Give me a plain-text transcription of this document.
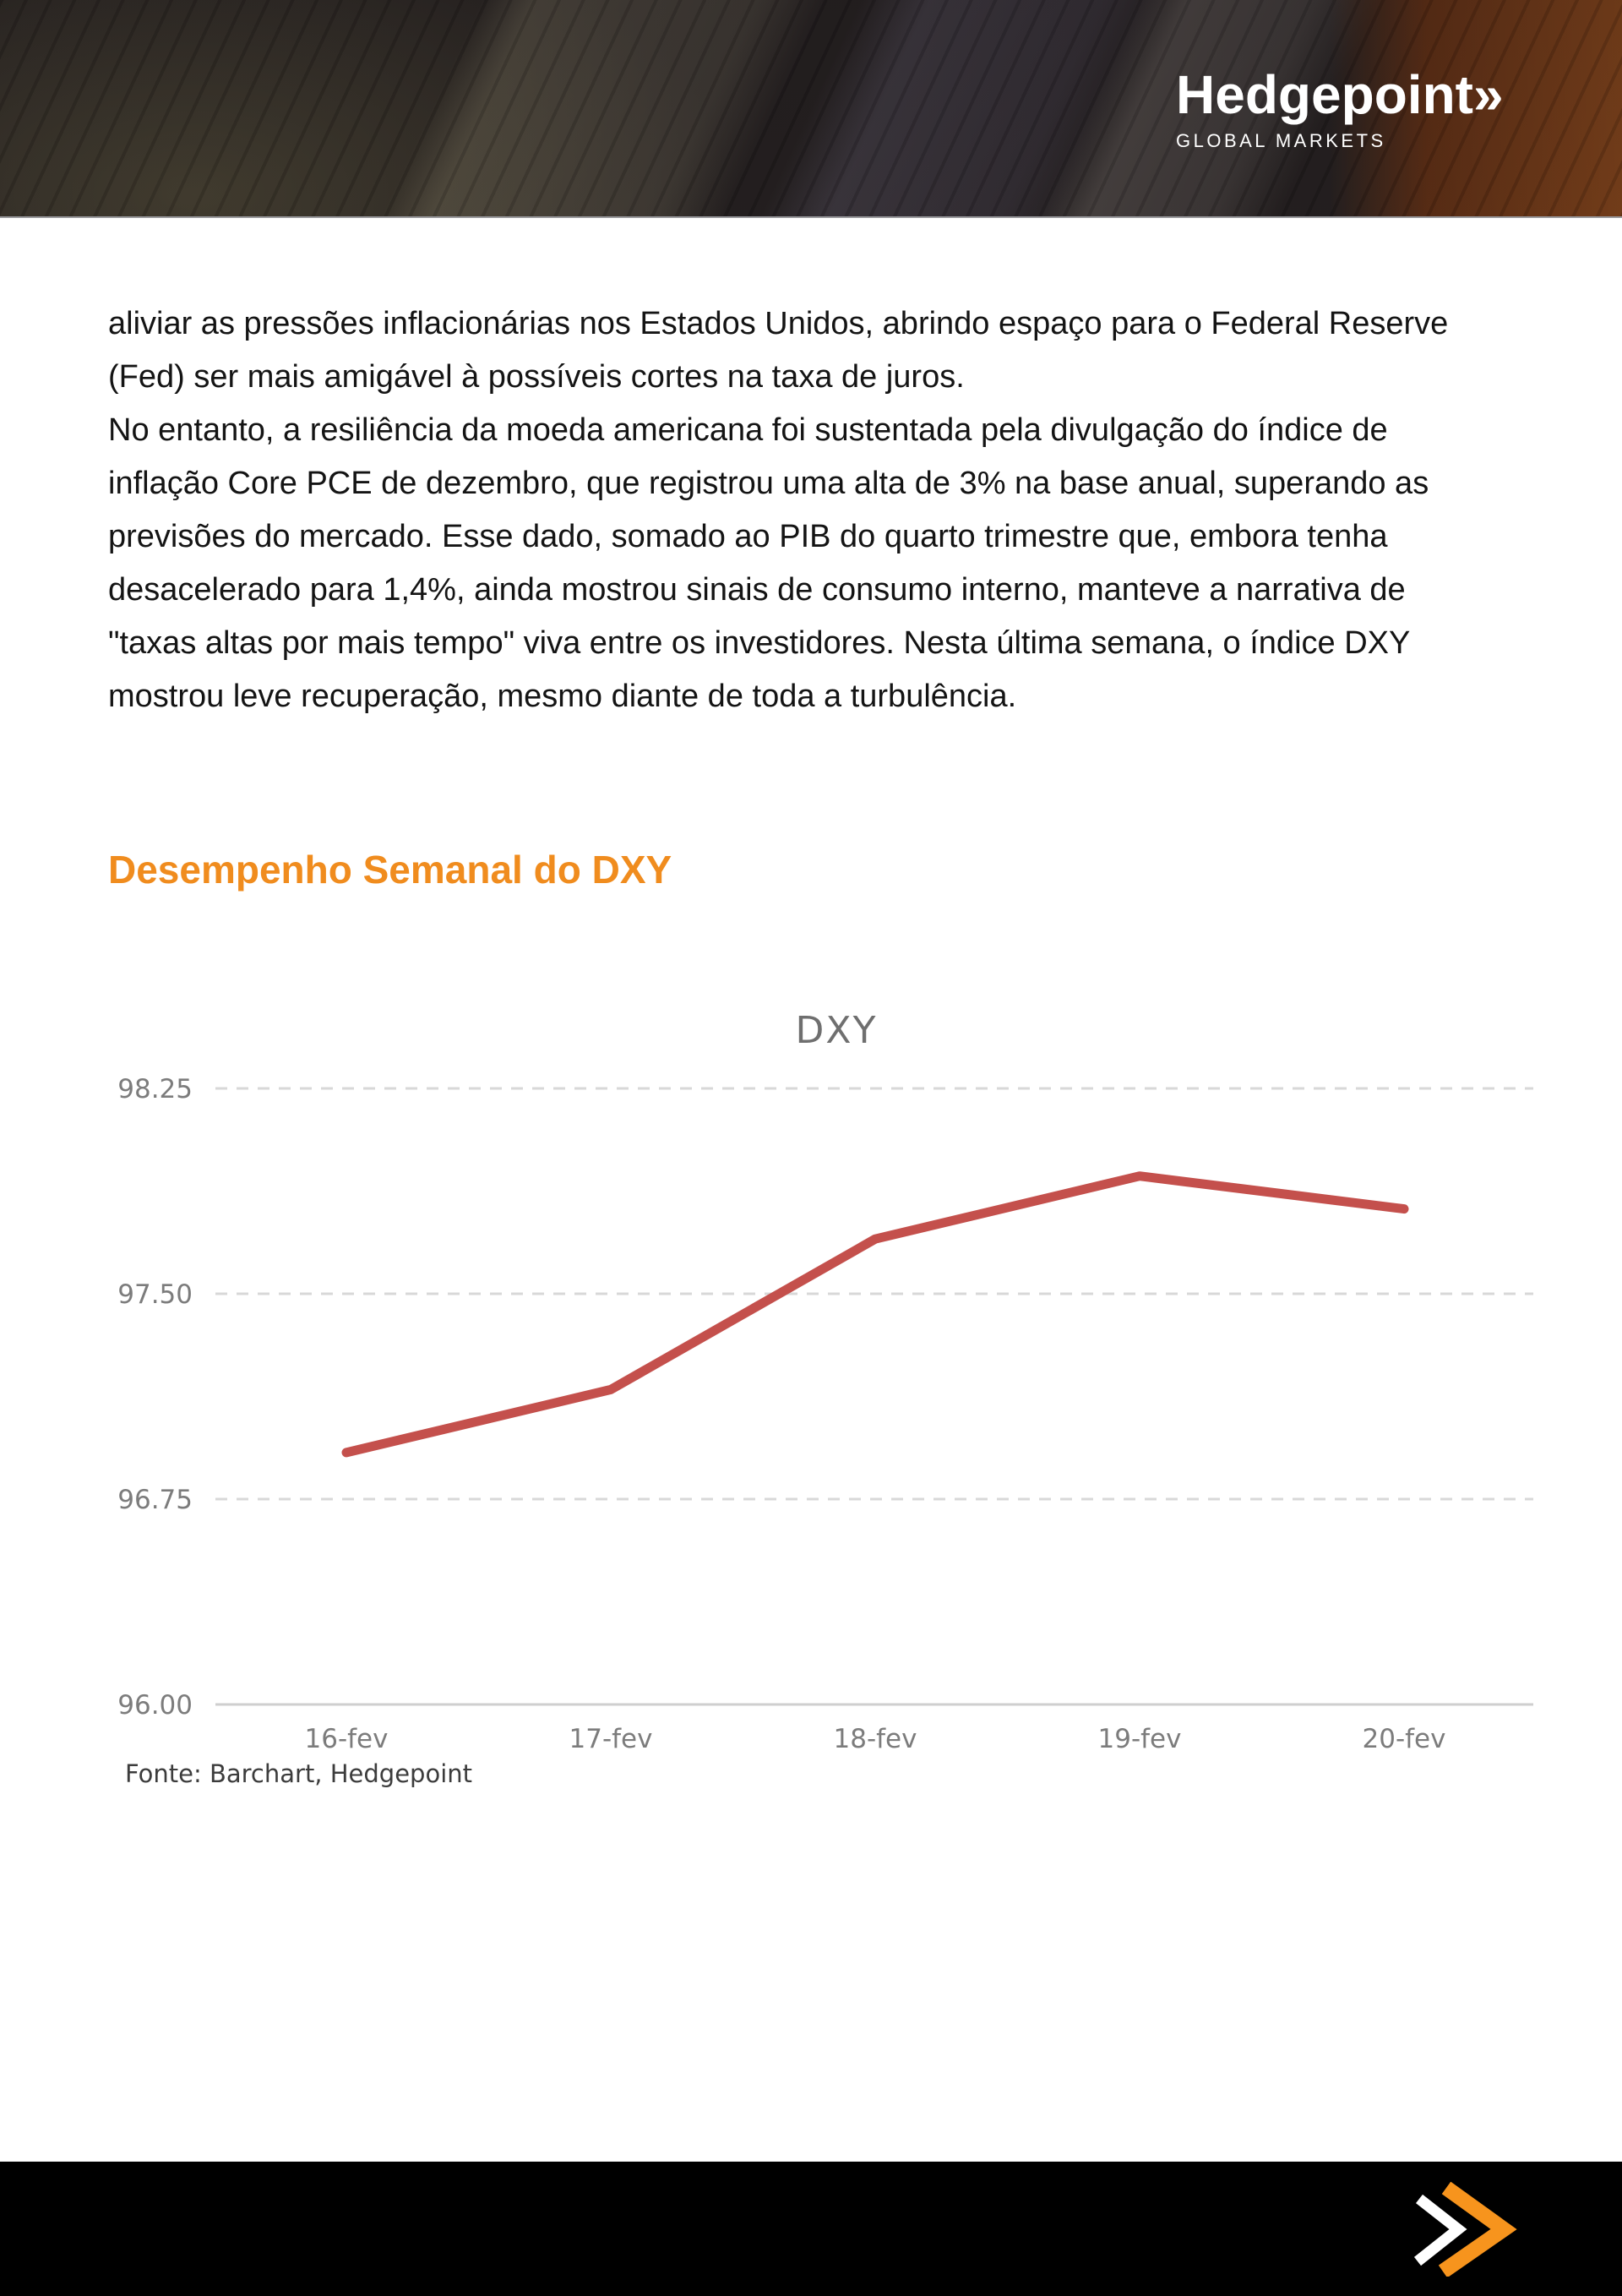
Hedgepoint»
GLOBAL MARKETS

aliviar as pressões inflacionárias nos Estados Unidos, abrindo espaço para o Federal Reserve (Fed) ser mais amigável à possíveis cortes na taxa de juros.

No entanto, a resiliência da moeda americana foi sustentada pela divulgação do índice de inflação Core PCE de dezembro, que registrou uma alta de 3% na base anual, superando as previsões do mercado. Esse dado, somado ao PIB do quarto trimestre que, embora tenha desacelerado para 1,4%, ainda mostrou sinais de consumo interno, manteve a narrativa de "taxas altas por mais tempo" viva entre os investidores. Nesta última semana, o índice DXY mostrou leve recuperação, mesmo diante de toda a turbulência.

Desempenho Semanal do DXY
98.25
97.50
96.75
96.00
16-fev	17-fev	18-fev	19-fev	20-fev
DXY
Fonte: Barchart, Hedgepoint
